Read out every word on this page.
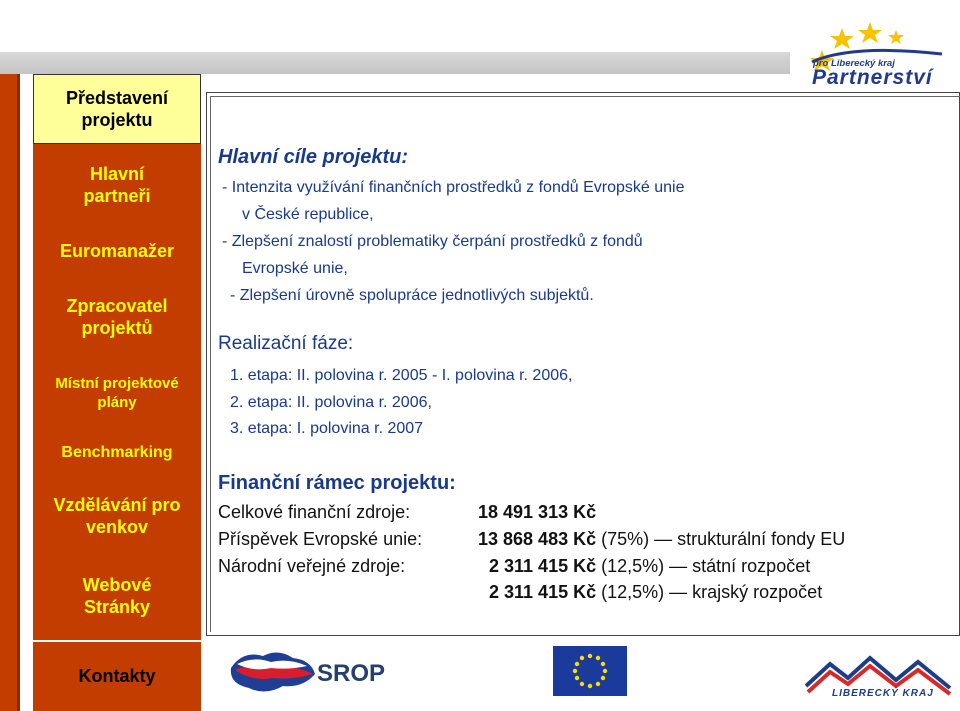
pro Liberecký kraj
Partnerství
Představení projektu
Hlavní partneři
Euromanažer
Zpracovatel projektů
Místní projektové plány
Benchmarking
Vzdělávání pro venkov
Webové Stránky
Kontakty
Hlavní cíle projektu:
- Intenzita využívání finančních prostředků z fondů Evropské unie
v České republice,
- Zlepšení znalostí problematiky čerpání prostředků z fondů
Evropské unie,
- Zlepšení úrovně spolupráce jednotlivých subjektů.
Realizační fáze:
1. etapa: II. polovina r. 2005 - I. polovina r. 2006,
2. etapa: II. polovina r. 2006,
3. etapa: I. polovina r. 2007
Finanční rámec projektu:
Celkové finanční zdroje:	18 491 313 Kč
Příspěvek Evropské unie:	13 868 483 Kč (75%) — strukturální fondy EU
Národní veřejné zdroje:	2 311 415 Kč (12,5%) — státní rozpočet
2 311 415 Kč (12,5%) — krajský rozpočet
SROP
LIBERECKÝ KRAJ
